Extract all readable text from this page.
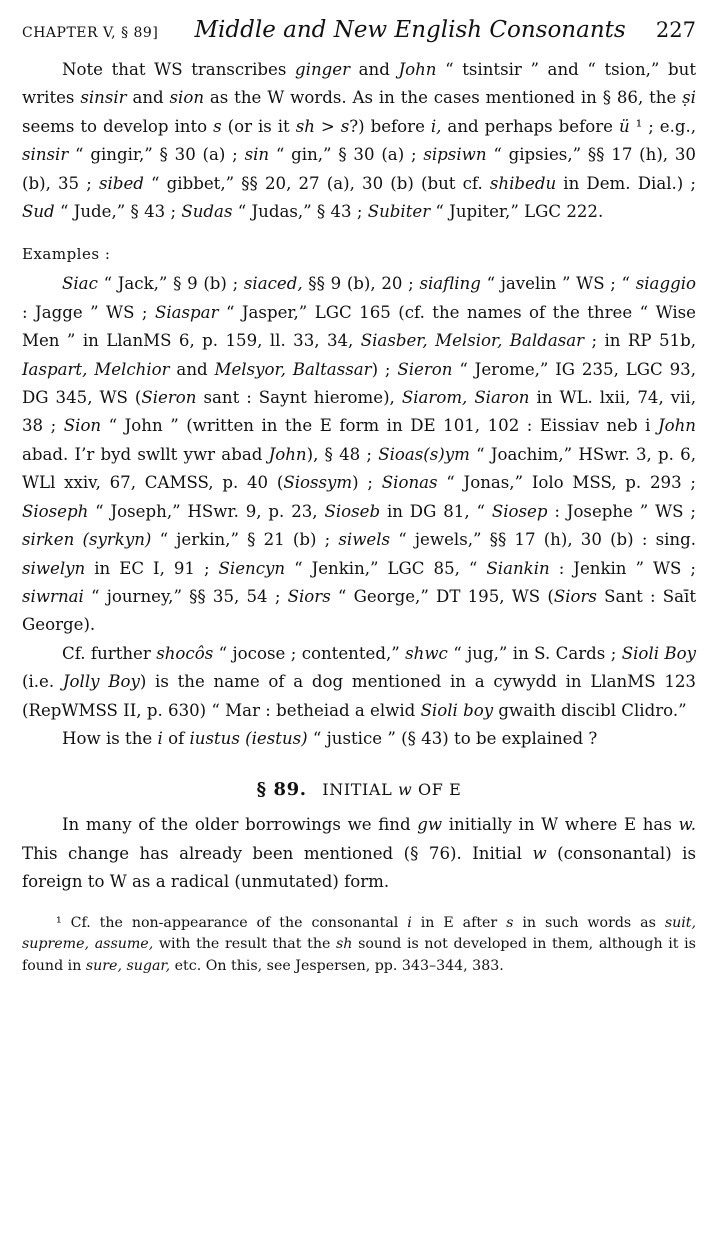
CHAPTER V, § 89]	Middle and New English Consonants	227

Note that WS transcribes ginger and John “ tsintsir ” and “ tsion,” but writes sinsir and sion as the W words. As in the cases mentioned in § 86, the ṣi seems to develop into s (or is it sh > s?) before i, and perhaps before ü ¹ ; e.g., sinsir “ gingir,” § 30 (a) ; sin “ gin,” § 30 (a) ; sipsiwn “ gipsies,” §§ 17 (h), 30 (b), 35 ; sibed “ gibbet,” §§ 20, 27 (a), 30 (b) (but cf. shibedu in Dem. Dial.) ; Sud “ Jude,” § 43 ; Sudas “ Judas,” § 43 ; Subiter “ Jupiter,” LGC 222.

Examples :

Siac “ Jack,” § 9 (b) ; siaced, §§ 9 (b), 20 ; siafling “ javelin ” WS ; “ siaggio : Jagge ” WS ; Siaspar “ Jasper,” LGC 165 (cf. the names of the three “ Wise Men ” in LlanMS 6, p. 159, ll. 33, 34, Siasber, Melsior, Baldasar ; in RP 51b, Iaspart, Melchior and Melsyor, Baltassar) ; Sieron “ Jerome,” IG 235, LGC 93, DG 345, WS (Sieron sant : Saynt hierome), Siarom, Siaron in WL. lxii, 74, vii, 38 ; Sion “ John ” (written in the E form in DE 101, 102 : Eissiav neb i John abad. I’r byd swllt ywr abad John), § 48 ; Sioas(s)ym “ Joachim,” HSwr. 3, p. 6, WLl xxiv, 67, CAMSS, p. 40 (Siossym) ; Sionas “ Jonas,” Iolo MSS, p. 293 ; Sioseph “ Joseph,” HSwr. 9, p. 23, Sioseb in DG 81, “ Siosep : Josephe ” WS ; sirken (syrkyn) “ jerkin,” § 21 (b) ; siwels “ jewels,” §§ 17 (h), 30 (b) : sing. siwelyn in EC I, 91 ; Siencyn “ Jenkin,” LGC 85, “ Siankin : Jenkin ” WS ; siwrnai “ journey,” §§ 35, 54 ; Siors “ George,” DT 195, WS (Siors Sant : Saīt George).

Cf. further shocôs “ jocose ; contented,” shwc “ jug,” in S. Cards ; Sioli Boy (i.e. Jolly Boy) is the name of a dog mentioned in a cywydd in LlanMS 123 (RepWMSS II, p. 630) “ Mar : betheiad a elwid Sioli boy gwaith discibl Clidro.”

How is the i of iustus (iestus) “ justice ” (§ 43) to be explained ?

§ 89. INITIAL w OF E

In many of the older borrowings we find gw initially in W where E has w. This change has already been mentioned (§ 76). Initial w (consonantal) is foreign to W as a radical (unmutated) form.

¹ Cf. the non-appearance of the consonantal i in E after s in such words as suit, supreme, assume, with the result that the sh sound is not developed in them, although it is found in sure, sugar, etc. On this, see Jespersen, pp. 343–344, 383.
